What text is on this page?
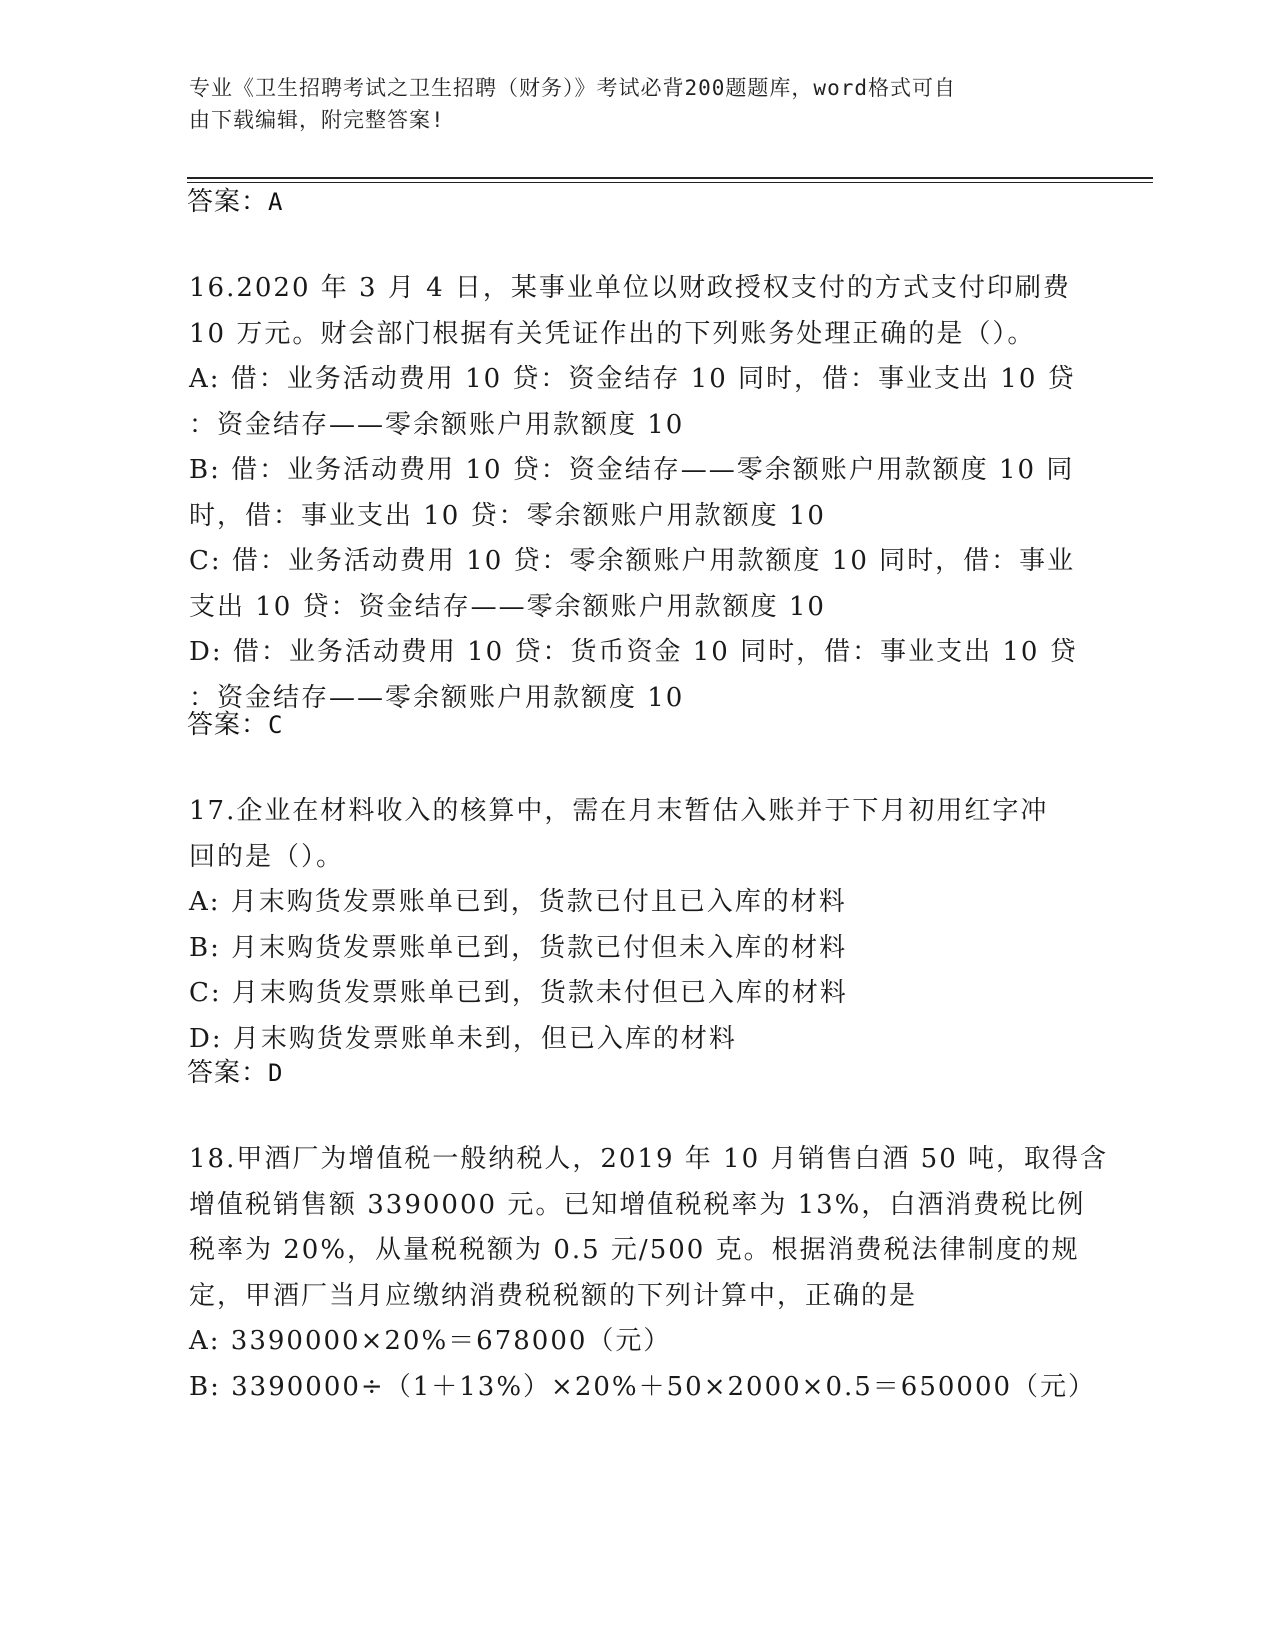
专业《卫生招聘考试之卫生招聘（财务）》考试必背200题题库，word格式可自
由下载编辑，附完整答案!
答案：A
16.2020 年 3 月 4 日，某事业单位以财政授权支付的方式支付印刷费
10 万元。财会部门根据有关凭证作出的下列账务处理正确的是（）。
A: 借：业务活动费用 10 贷：资金结存 10 同时，借：事业支出 10 贷
：资金结存——零余额账户用款额度 10
B: 借：业务活动费用 10 贷：资金结存——零余额账户用款额度 10 同
时，借：事业支出 10 贷：零余额账户用款额度 10
C: 借：业务活动费用 10 贷：零余额账户用款额度 10 同时，借：事业
支出 10 贷：资金结存——零余额账户用款额度 10
D: 借：业务活动费用 10 贷：货币资金 10 同时，借：事业支出 10 贷
：资金结存——零余额账户用款额度 10
答案：C
17.企业在材料收入的核算中，需在月末暂估入账并于下月初用红字冲
回的是（）。
A: 月末购货发票账单已到，货款已付且已入库的材料
B: 月末购货发票账单已到，货款已付但未入库的材料
C: 月末购货发票账单已到，货款未付但已入库的材料
D: 月末购货发票账单未到，但已入库的材料
答案：D
18.甲酒厂为增值税一般纳税人，2019 年 10 月销售白酒 50 吨，取得含
增值税销售额 3390000 元。已知增值税税率为 13%，白酒消费税比例
税率为 20%，从量税税额为 0.5 元/500 克。根据消费税法律制度的规
定，甲酒厂当月应缴纳消费税税额的下列计算中，正确的是
A: 3390000×20%＝678000（元）
B: 3390000÷（1＋13%）×20%＋50×2000×0.5＝650000（元）
